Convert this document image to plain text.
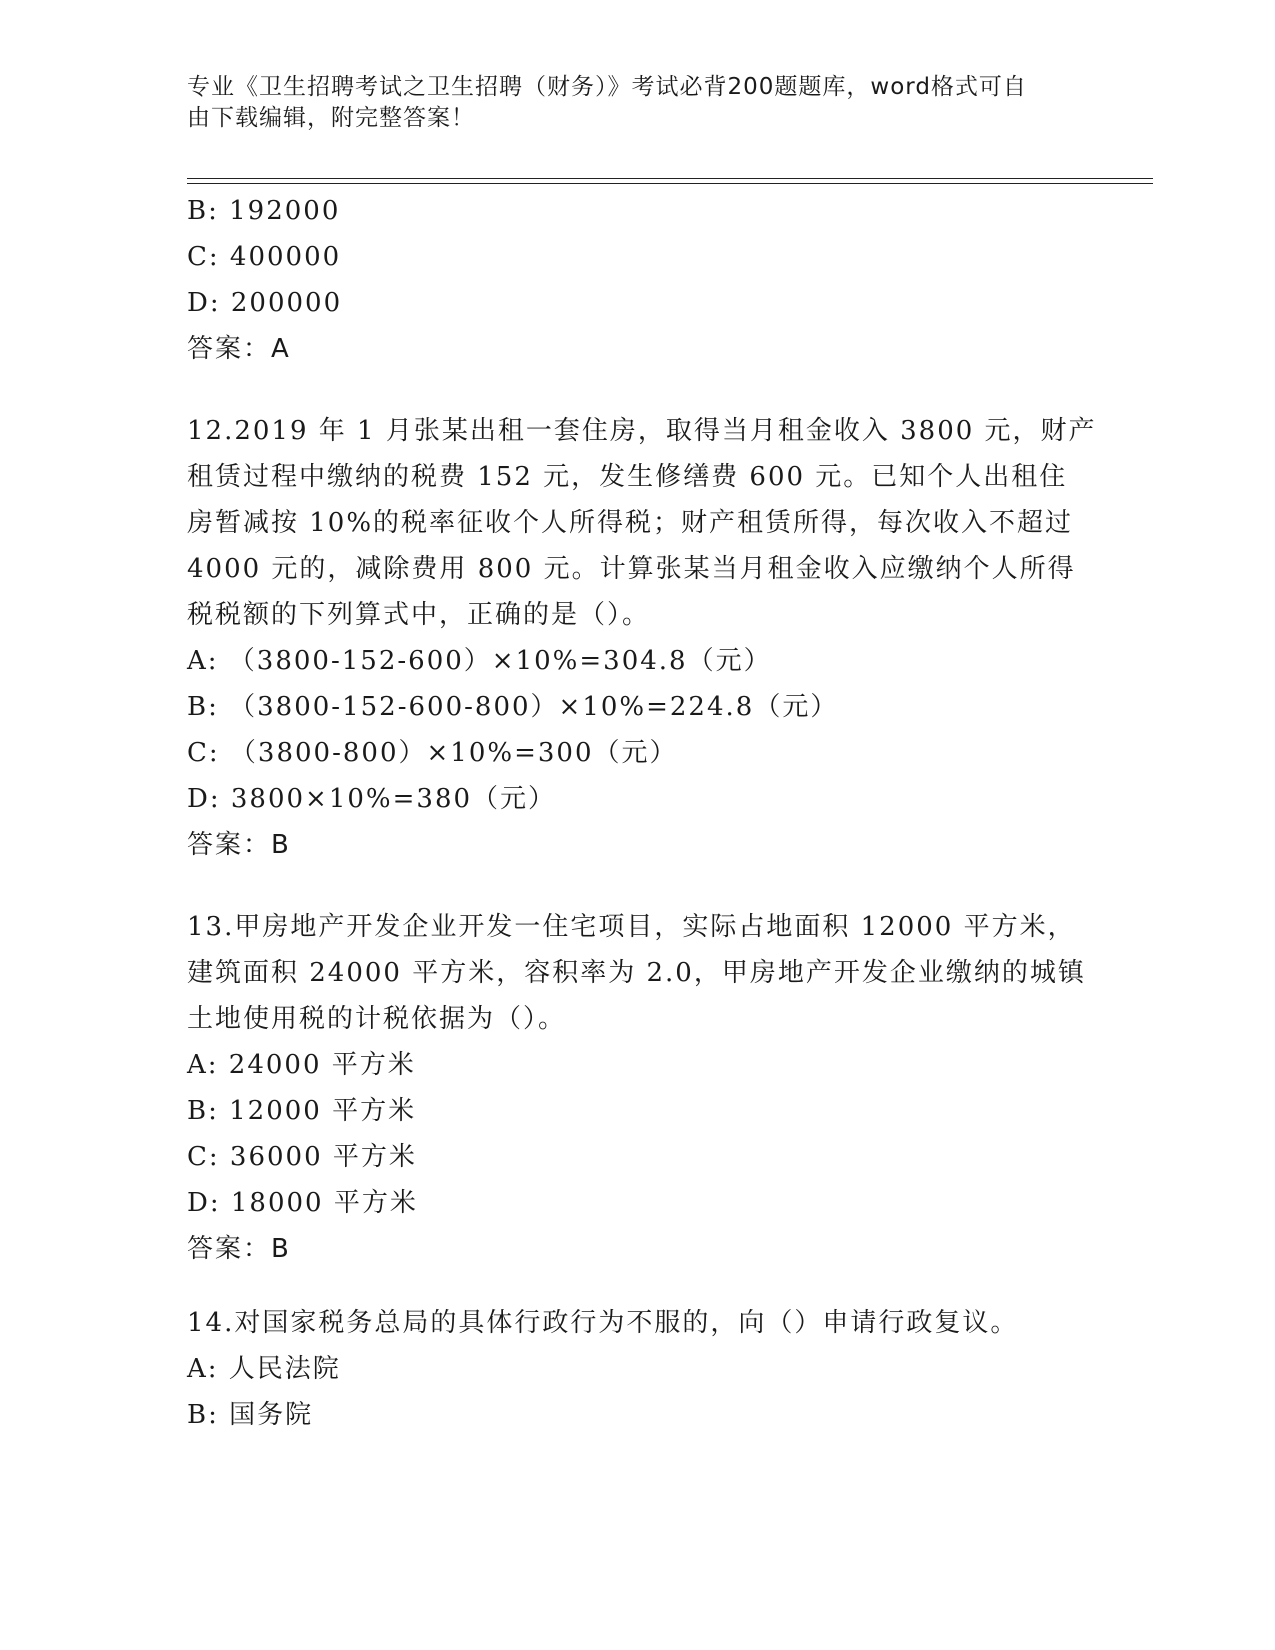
专业《卫生招聘考试之卫生招聘（财务）》考试必背200题题库，word格式可自
由下载编辑，附完整答案！
B: 192000
C: 400000
D: 200000
答案：A
12.2019 年 1 月张某出租一套住房，取得当月租金收入 3800 元，财产
租赁过程中缴纳的税费 152 元，发生修缮费 600 元。已知个人出租住
房暂减按 10%的税率征收个人所得税；财产租赁所得，每次收入不超过
4000 元的，减除费用 800 元。计算张某当月租金收入应缴纳个人所得
税税额的下列算式中，正确的是（）。
A: （3800-152-600）×10%=304.8（元）
B: （3800-152-600-800）×10%=224.8（元）
C: （3800-800）×10%=300（元）
D: 3800×10%=380（元）
答案：B
13.甲房地产开发企业开发一住宅项目，实际占地面积 12000 平方米，
建筑面积 24000 平方米，容积率为 2.0，甲房地产开发企业缴纳的城镇
土地使用税的计税依据为（）。
A: 24000 平方米
B: 12000 平方米
C: 36000 平方米
D: 18000 平方米
答案：B
14.对国家税务总局的具体行政行为不服的，向（）申请行政复议。
A: 人民法院
B: 国务院
